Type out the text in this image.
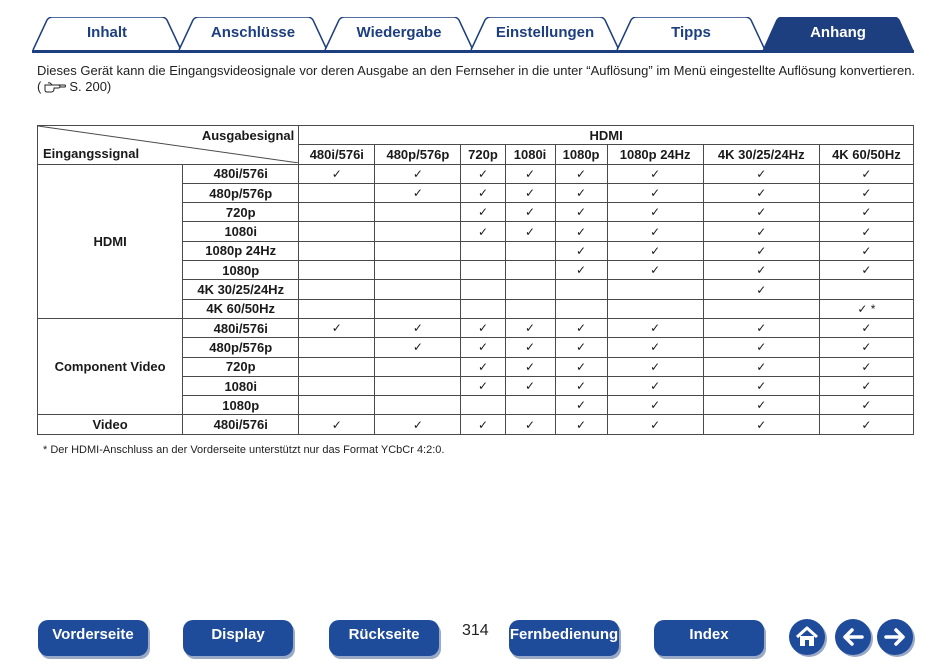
Inhalt	Anschlüsse	Wiedergabe	Einstellungen	Tipps	Anhang
Dieses Gerät kann die Eingangsvideosignale vor deren Ausgabe an den Fernseher in die unter “Auflösung” im Menü eingestellte Auflösung konvertieren.

( S. 200)
Ausgabesignal
Eingangssignal		HDMI							
		480i/576i	480p/576p	720p	1080i	1080p	1080p 24Hz	4K 30/25/24Hz	4K 60/50Hz
HDMI	480i/576i	✓	✓	✓	✓	✓	✓	✓	✓
	480p/576p		✓	✓	✓	✓	✓	✓	✓
	720p			✓	✓	✓	✓	✓	✓
	1080i			✓	✓	✓	✓	✓	✓
	1080p 24Hz					✓	✓	✓	✓
	1080p					✓	✓	✓	✓
	4K 30/25/24Hz							✓	
	4K 60/50Hz								✓ *
Component Video	480i/576i	✓	✓	✓	✓	✓	✓	✓	✓
	480p/576p		✓	✓	✓	✓	✓	✓	✓
	720p			✓	✓	✓	✓	✓	✓
	1080i			✓	✓	✓	✓	✓	✓
	1080p					✓	✓	✓	✓
Video	480i/576i	✓	✓	✓	✓	✓	✓	✓	✓
* Der HDMI-Anschluss an der Vorderseite unterstützt nur das Format YCbCr 4:2:0.
Vorderseite	Display	Rückseite	314 Fernbedienung	Index
